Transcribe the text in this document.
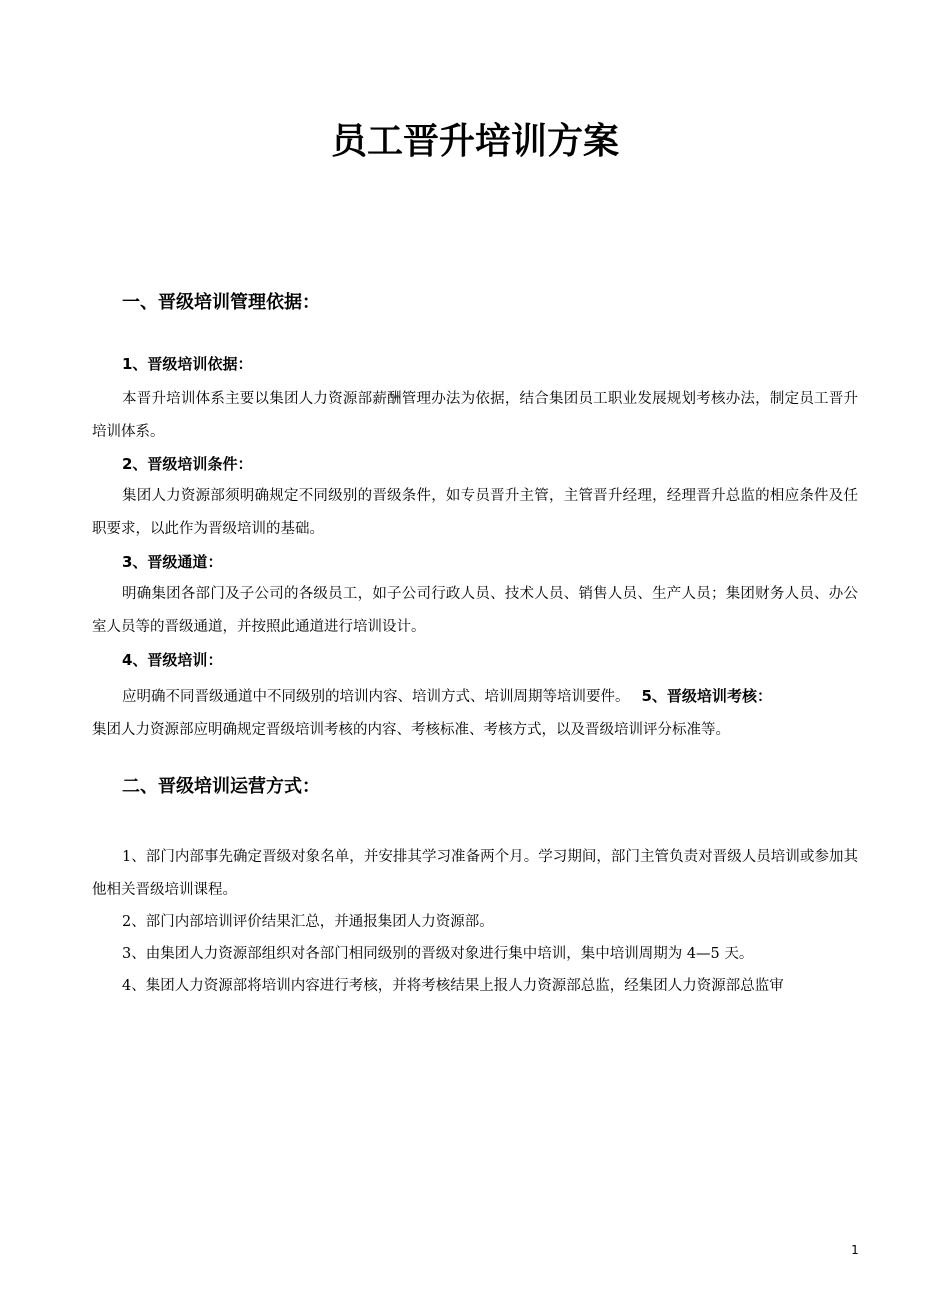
员工晋升培训方案
一、晋级培训管理依据：
1、晋级培训依据：

本晋升培训体系主要以集团人力资源部薪酬管理办法为依据，结合集团员工职业发展规划考核办法，制定员工晋升培训体系。

2、晋级培训条件：

集团人力资源部须明确规定不同级别的晋级条件，如专员晋升主管，主管晋升经理，经理晋升总监的相应条件及任职要求，以此作为晋级培训的基础。

3、晋级通道：

明确集团各部门及子公司的各级员工，如子公司行政人员、技术人员、销售人员、生产人员；集团财务人员、办公室人员等的晋级通道，并按照此通道进行培训设计。

4、晋级培训：

应明确不同晋级通道中不同级别的培训内容、培训方式、培训周期等培训要件。 5、晋级培训考核：
集团人力资源部应明确规定晋级培训考核的内容、考核标准、考核方式，以及晋级培训评分标准等。

二、晋级培训运营方式：

1、部门内部事先确定晋级对象名单，并安排其学习准备两个月。学习期间，部门主管负责对晋级人员培训或参加其他相关晋级培训课程。

2、部门内部培训评价结果汇总，并通报集团人力资源部。

3、由集团人力资源部组织对各部门相同级别的晋级对象进行集中培训，集中培训周期为 4—5 天。

4、集团人力资源部将培训内容进行考核，并将考核结果上报人力资源部总监，经集团人力资源部总监审

1
